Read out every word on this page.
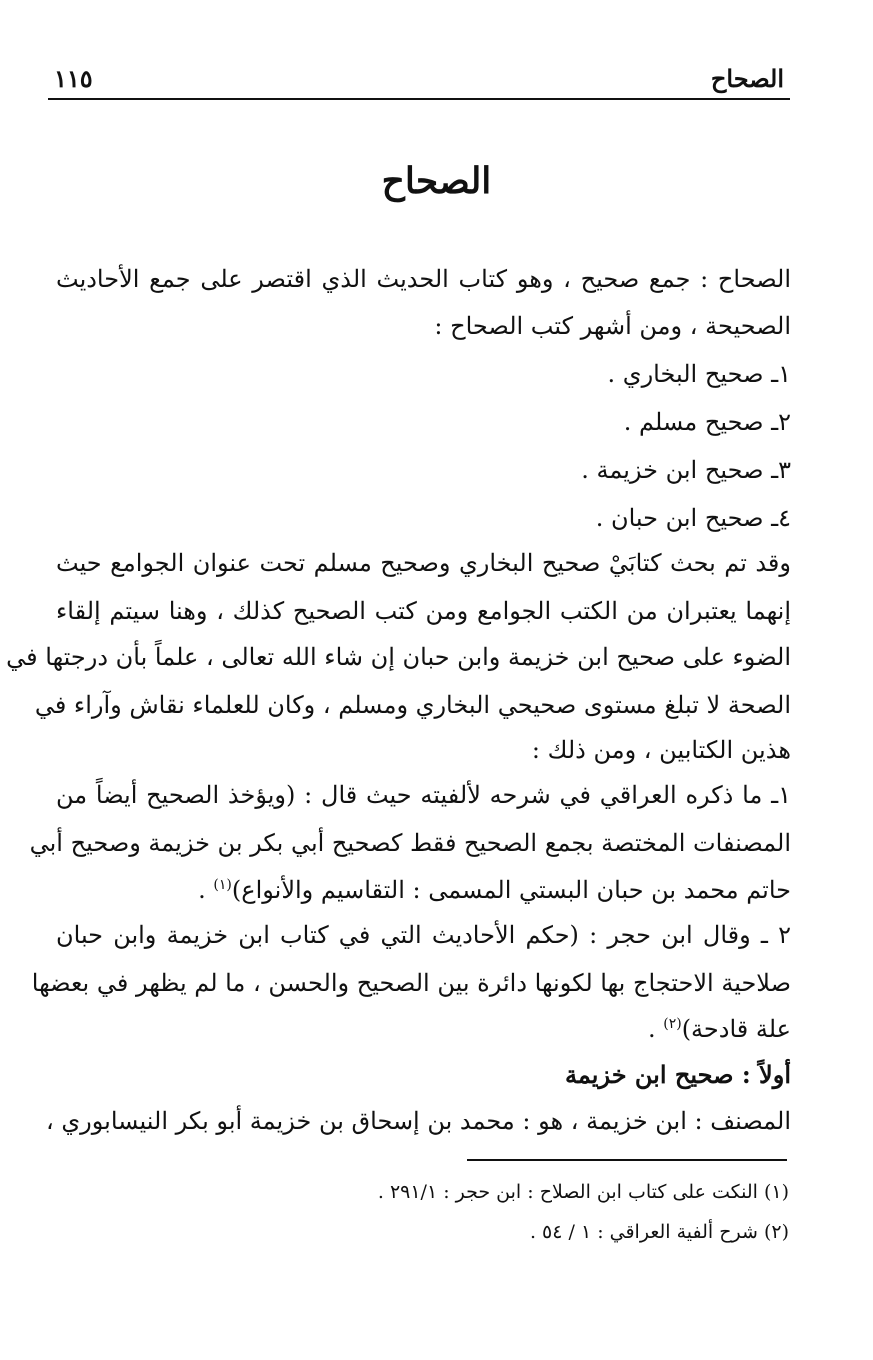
الصحاح
١١٥
الصحاح
الصحاح : جمع صحيح ، وهو كتاب الحديث الذي اقتصر على جمع الأحاديث
الصحيحة ، ومن أشهر كتب الصحاح :
١ـ صحيح البخاري .
٢ـ صحيح مسلم .
٣ـ صحيح ابن خزيمة .
٤ـ صحيح ابن حبان .
وقد تم بحث كتابَيْ صحيح البخاري وصحيح مسلم تحت عنوان الجوامع حيث
إنهما يعتبران من الكتب الجوامع ومن كتب الصحيح كذلك ، وهنا سيتم إلقاء
الضوء على صحيح ابن خزيمة وابن حبان إن شاء الله تعالى ، علماً بأن درجتها في
الصحة لا تبلغ مستوى صحيحي البخاري ومسلم ، وكان للعلماء نقاش وآراء في
هذين الكتابين ، ومن ذلك :
١ـ ما ذكره العراقي في شرحه لألفيته حيث قال : (ويؤخذ الصحيح أيضاً من
المصنفات المختصة بجمع الصحيح فقط كصحيح أبي بكر بن خزيمة وصحيح أبي
حاتم محمد بن حبان البستي المسمى : التقاسيم والأنواع)$^{(١)}$ .
٢ ـ وقال ابن حجر : (حكم الأحاديث التي في كتاب ابن خزيمة وابن حبان
صلاحية الاحتجاج بها لكونها دائرة بين الصحيح والحسن ، ما لم يظهر في بعضها
علة قادحة)$^{(٢)}$ .
أولاً : صحيح ابن خزيمة
المصنف : ابن خزيمة ، هو : محمد بن إسحاق بن خزيمة أبو بكر النيسابوري ،
(١) النكت على كتاب ابن الصلاح : ابن حجر : ٢٩١/١ .
(٢) شرح ألفية العراقي : ١ / ٥٤ .
